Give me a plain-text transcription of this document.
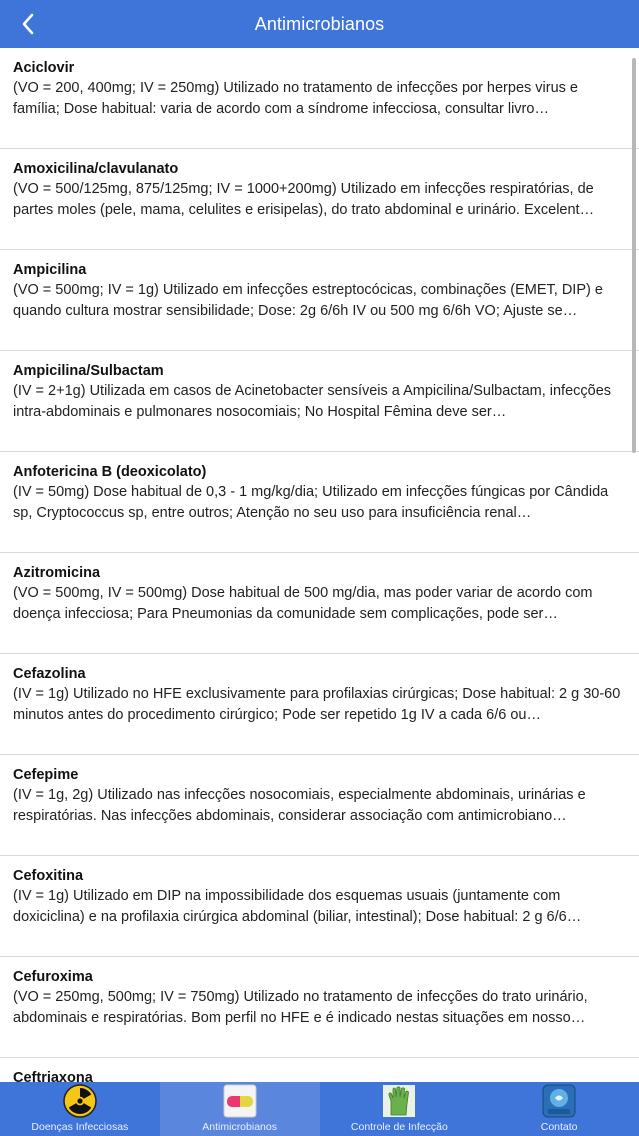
Antimicrobianos
Aciclovir
(VO = 200, 400mg; IV = 250mg) Utilizado no tratamento de infecções por herpes virus e família; Dose habitual: varia de acordo com a síndrome infecciosa, consultar livro…
Amoxicilina/clavulanato
(VO = 500/125mg, 875/125mg; IV = 1000+200mg) Utilizado em infecções respiratórias, de partes moles (pele, mama, celulites e erisipelas), do trato abdominal e urinário. Excelent…
Ampicilina
(VO = 500mg; IV = 1g) Utilizado em infecções estreptocócicas, combinações (EMET, DIP) e quando cultura mostrar sensibilidade; Dose: 2g 6/6h IV ou 500 mg 6/6h VO; Ajuste se…
Ampicilina/Sulbactam
(IV = 2+1g) Utilizada em casos de Acinetobacter sensíveis a Ampicilina/Sulbactam, infecções intra-abdominais e pulmonares nosocomiais; No Hospital Fêmina deve ser…
Anfotericina B (deoxicolato)
(IV = 50mg) Dose habitual de 0,3 - 1 mg/kg/dia; Utilizado em infecções fúngicas por Cândida sp, Cryptococcus sp, entre outros; Atenção no seu uso para insuficiência renal…
Azitromicina
(VO = 500mg, IV = 500mg) Dose habitual de 500 mg/dia, mas poder variar de acordo com doença infecciosa; Para Pneumonias da comunidade sem complicações, pode ser…
Cefazolina
(IV = 1g) Utilizado no HFE exclusivamente para profilaxias cirúrgicas; Dose habitual: 2 g 30-60 minutos antes do procedimento cirúrgico; Pode ser repetido 1g IV a cada 6/6 ou…
Cefepime
(IV = 1g, 2g) Utilizado nas infecções nosocomiais, especialmente abdominais, urinárias e respiratórias. Nas infecções abdominais, considerar associação com antimicrobiano…
Cefoxitina
(IV = 1g) Utilizado em DIP na impossibilidade dos esquemas usuais (juntamente com doxiciclina) e na profilaxia cirúrgica abdominal (biliar, intestinal); Dose habitual: 2 g 6/6…
Cefuroxima
(VO = 250mg, 500mg; IV = 750mg) Utilizado no tratamento de infecções do trato urinário, abdominais e respiratórias. Bom perfil no HFE e é indicado nestas situações em nosso…
Ceftriaxona
Doenças Infecciosas	Antimicrobianos	Controle de Infecção	Contato
